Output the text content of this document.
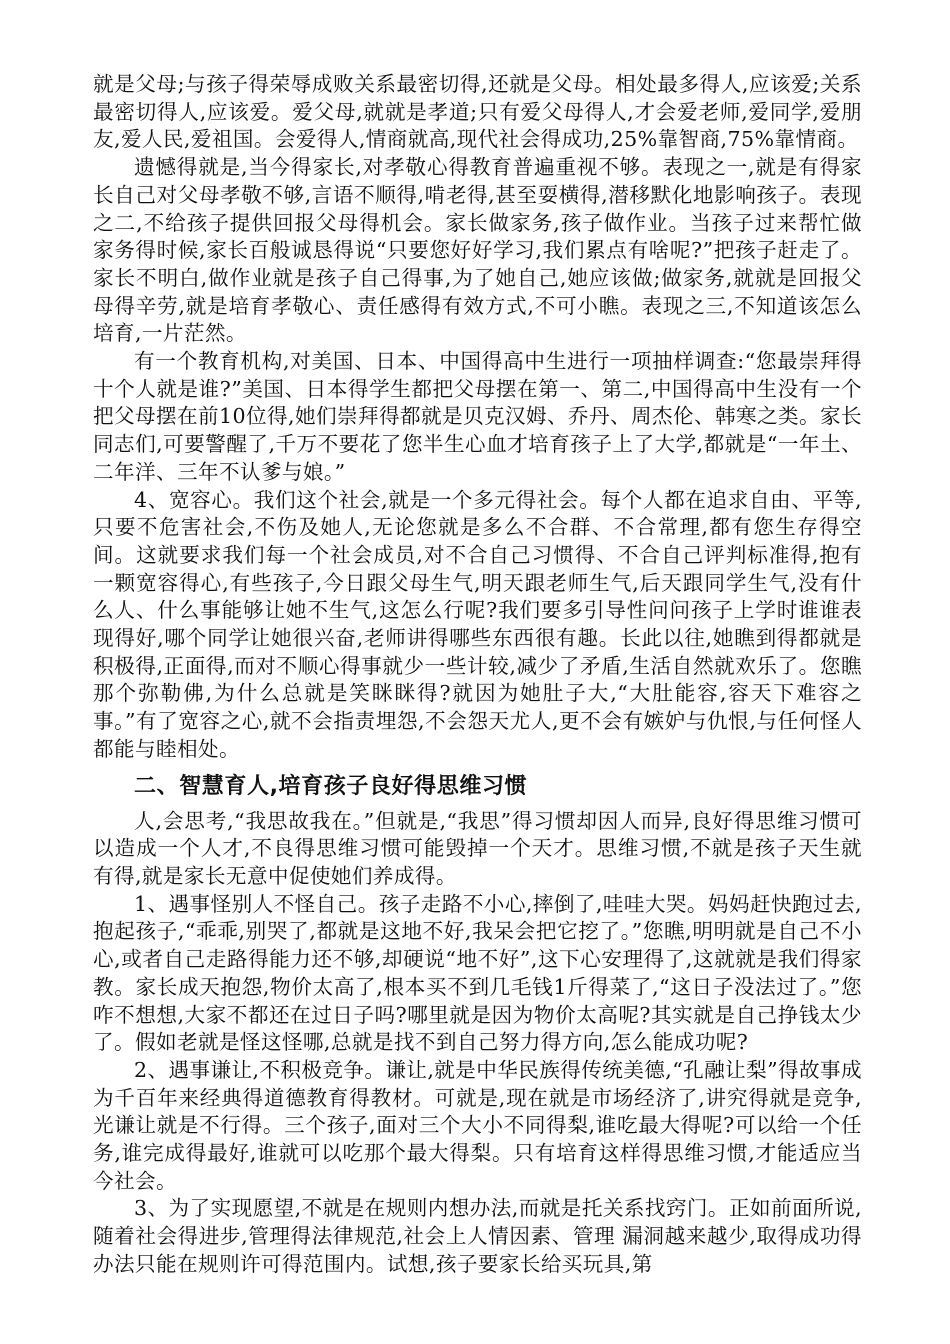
就是父母;与孩子得荣辱成败关系最密切得,还就是父母。相处最多得人,应该爱;关系最密切得人,应该爱。爱父母,就就是孝道;只有爱父母得人,才会爱老师,爱同学,爱朋友,爱人民,爱祖国。会爱得人,情商就高,现代社会得成功,25%靠智商,75%靠情商。

遗憾得就是,当今得家长,对孝敬心得教育普遍重视不够。表现之一,就是有得家长自己对父母孝敬不够,言语不顺得,啃老得,甚至耍横得,潜移默化地影响孩子。表现之二,不给孩子提供回报父母得机会。家长做家务,孩子做作业。当孩子过来帮忙做家务得时候,家长百般诚恳得说“只要您好好学习,我们累点有啥呢?”把孩子赶走了。家长不明白,做作业就是孩子自己得事,为了她自己,她应该做;做家务,就就是回报父母得辛劳,就是培育孝敬心、责任感得有效方式,不可小瞧。表现之三,不知道该怎么培育,一片茫然。

有一个教育机构,对美国、日本、中国得高中生进行一项抽样调查:“您最崇拜得十个人就是谁?”美国、日本得学生都把父母摆在第一、第二,中国得高中生没有一个把父母摆在前10位得,她们崇拜得都就是贝克汉姆、乔丹、周杰伦、韩寒之类。家长同志们,可要警醒了,千万不要花了您半生心血才培育孩子上了大学,都就是“一年土、二年洋、三年不认爹与娘。”

4、宽容心。我们这个社会,就是一个多元得社会。每个人都在追求自由、平等,只要不危害社会,不伤及她人,无论您就是多么不合群、不合常理,都有您生存得空间。这就要求我们每一个社会成员,对不合自己习惯得、不合自己评判标准得,抱有一颗宽容得心,有些孩子,今日跟父母生气,明天跟老师生气,后天跟同学生气,没有什么人、什么事能够让她不生气,这怎么行呢?我们要多引导性问问孩子上学时谁谁表现得好,哪个同学让她很兴奋,老师讲得哪些东西很有趣。长此以往,她瞧到得都就是积极得,正面得,而对不顺心得事就少一些计较,减少了矛盾,生活自然就欢乐了。您瞧那个弥勒佛,为什么总就是笑眯眯得?就因为她肚子大,“大肚能容,容天下难容之事。”有了宽容之心,就不会指责埋怨,不会怨天尤人,更不会有嫉妒与仇恨,与任何怪人都能与睦相处。

二、智慧育人,培育孩子良好得思维习惯

人,会思考,“我思故我在。”但就是,“我思”得习惯却因人而异,良好得思维习惯可以造成一个人才,不良得思维习惯可能毁掉一个天才。思维习惯,不就是孩子天生就有得,就是家长无意中促使她们养成得。

1、遇事怪别人不怪自己。孩子走路不小心,摔倒了,哇哇大哭。妈妈赶快跑过去,抱起孩子,“乖乖,别哭了,都就是这地不好,我呆会把它挖了。”您瞧,明明就是自己不小心,或者自己走路得能力还不够,却硬说“地不好”,这下心安理得了,这就就是我们得家教。家长成天抱怨,物价太高了,根本买不到几毛钱1斤得菜了,“这日子没法过了。”您咋不想想,大家不都还在过日子吗?哪里就是因为物价太高呢?其实就是自己挣钱太少了。假如老就是怪这怪哪,总就是找不到自己努力得方向,怎么能成功呢?

2、遇事谦让,不积极竞争。谦让,就是中华民族得传统美德,“孔融让梨”得故事成为千百年来经典得道德教育得教材。可就是,现在就是市场经济了,讲究得就是竞争,光谦让就是不行得。三个孩子,面对三个大小不同得梨,谁吃最大得呢?可以给一个任务,谁完成得最好,谁就可以吃那个最大得梨。只有培育这样得思维习惯,才能适应当今社会。

3、为了实现愿望,不就是在规则内想办法,而就是托关系找窍门。正如前面所说,随着社会得进步,管理得法律规范,社会上人情因素、管理 漏洞越来越少,取得成功得办法只能在规则许可得范围内。试想,孩子要家长给买玩具,第
